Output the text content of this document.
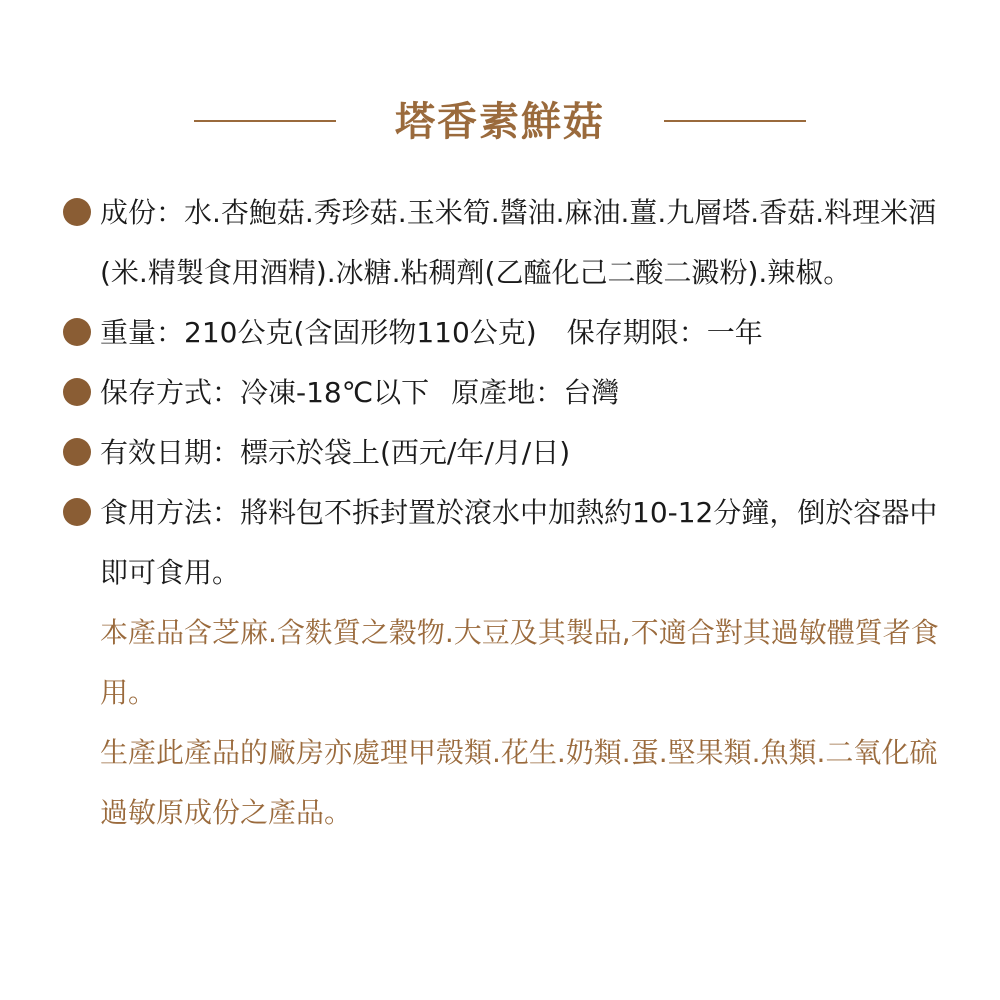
塔香素鮮菇
成份：水.杏鮑菇.秀珍菇.玉米筍.醬油.麻油.薑.九層塔.香菇.料理米酒(米.精製食用酒精).冰糖.粘稠劑(乙醯化己二酸二澱粉).辣椒。
重量：210公克(含固形物110公克) 保存期限：一年
保存方式：冷凍-18℃以下 原產地：台灣
有效日期：標示於袋上(西元/年/月/日)
食用方法：將料包不拆封置於滾水中加熱約10-12分鐘，倒於容器中即可食用。
本產品含芝麻.含麩質之穀物.大豆及其製品,不適合對其過敏體質者食用。
生產此產品的廠房亦處理甲殼類.花生.奶類.蛋.堅果類.魚類.二氧化硫過敏原成份之產品。
